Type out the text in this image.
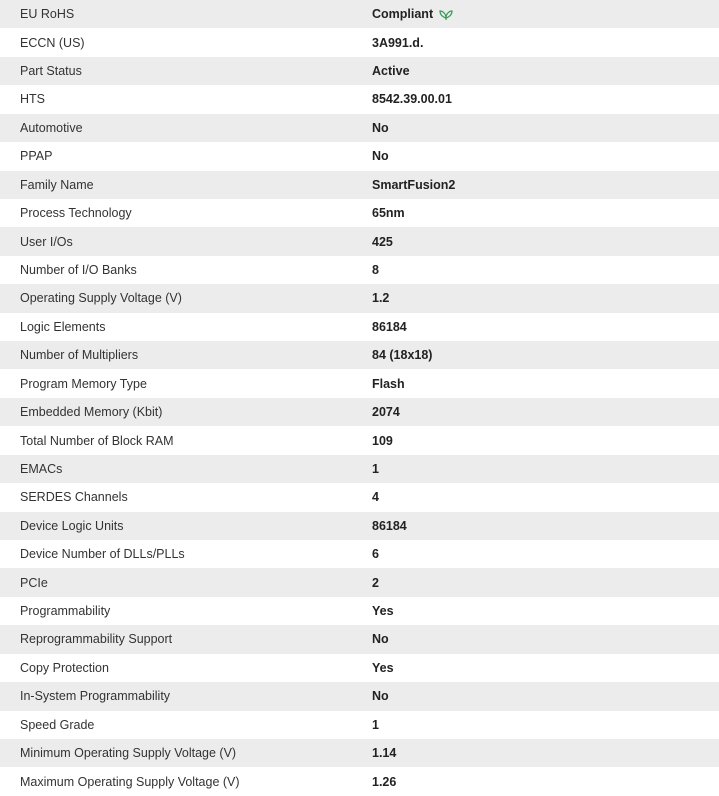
EU RoHS	Compliant

ECCN (US)	3A991.d.
Part Status	Active
HTS	8542.39.00.01
Automotive	No
PPAP	No
Family Name	SmartFusion2
Process Technology	65nm
User I/Os	425
Number of I/O Banks	8
Operating Supply Voltage (V)	1.2
Logic Elements	86184
Number of Multipliers	84 (18x18)
Program Memory Type	Flash
Embedded Memory (Kbit)	2074
Total Number of Block RAM	109
EMACs	1
SERDES Channels	4
Device Logic Units	86184
Device Number of DLLs/PLLs	6
PCIe	2
Programmability	Yes
Reprogrammability Support	No
Copy Protection	Yes
In-System Programmability	No
Speed Grade	1
Minimum Operating Supply Voltage (V)	1.14
Maximum Operating Supply Voltage (V)	1.26
